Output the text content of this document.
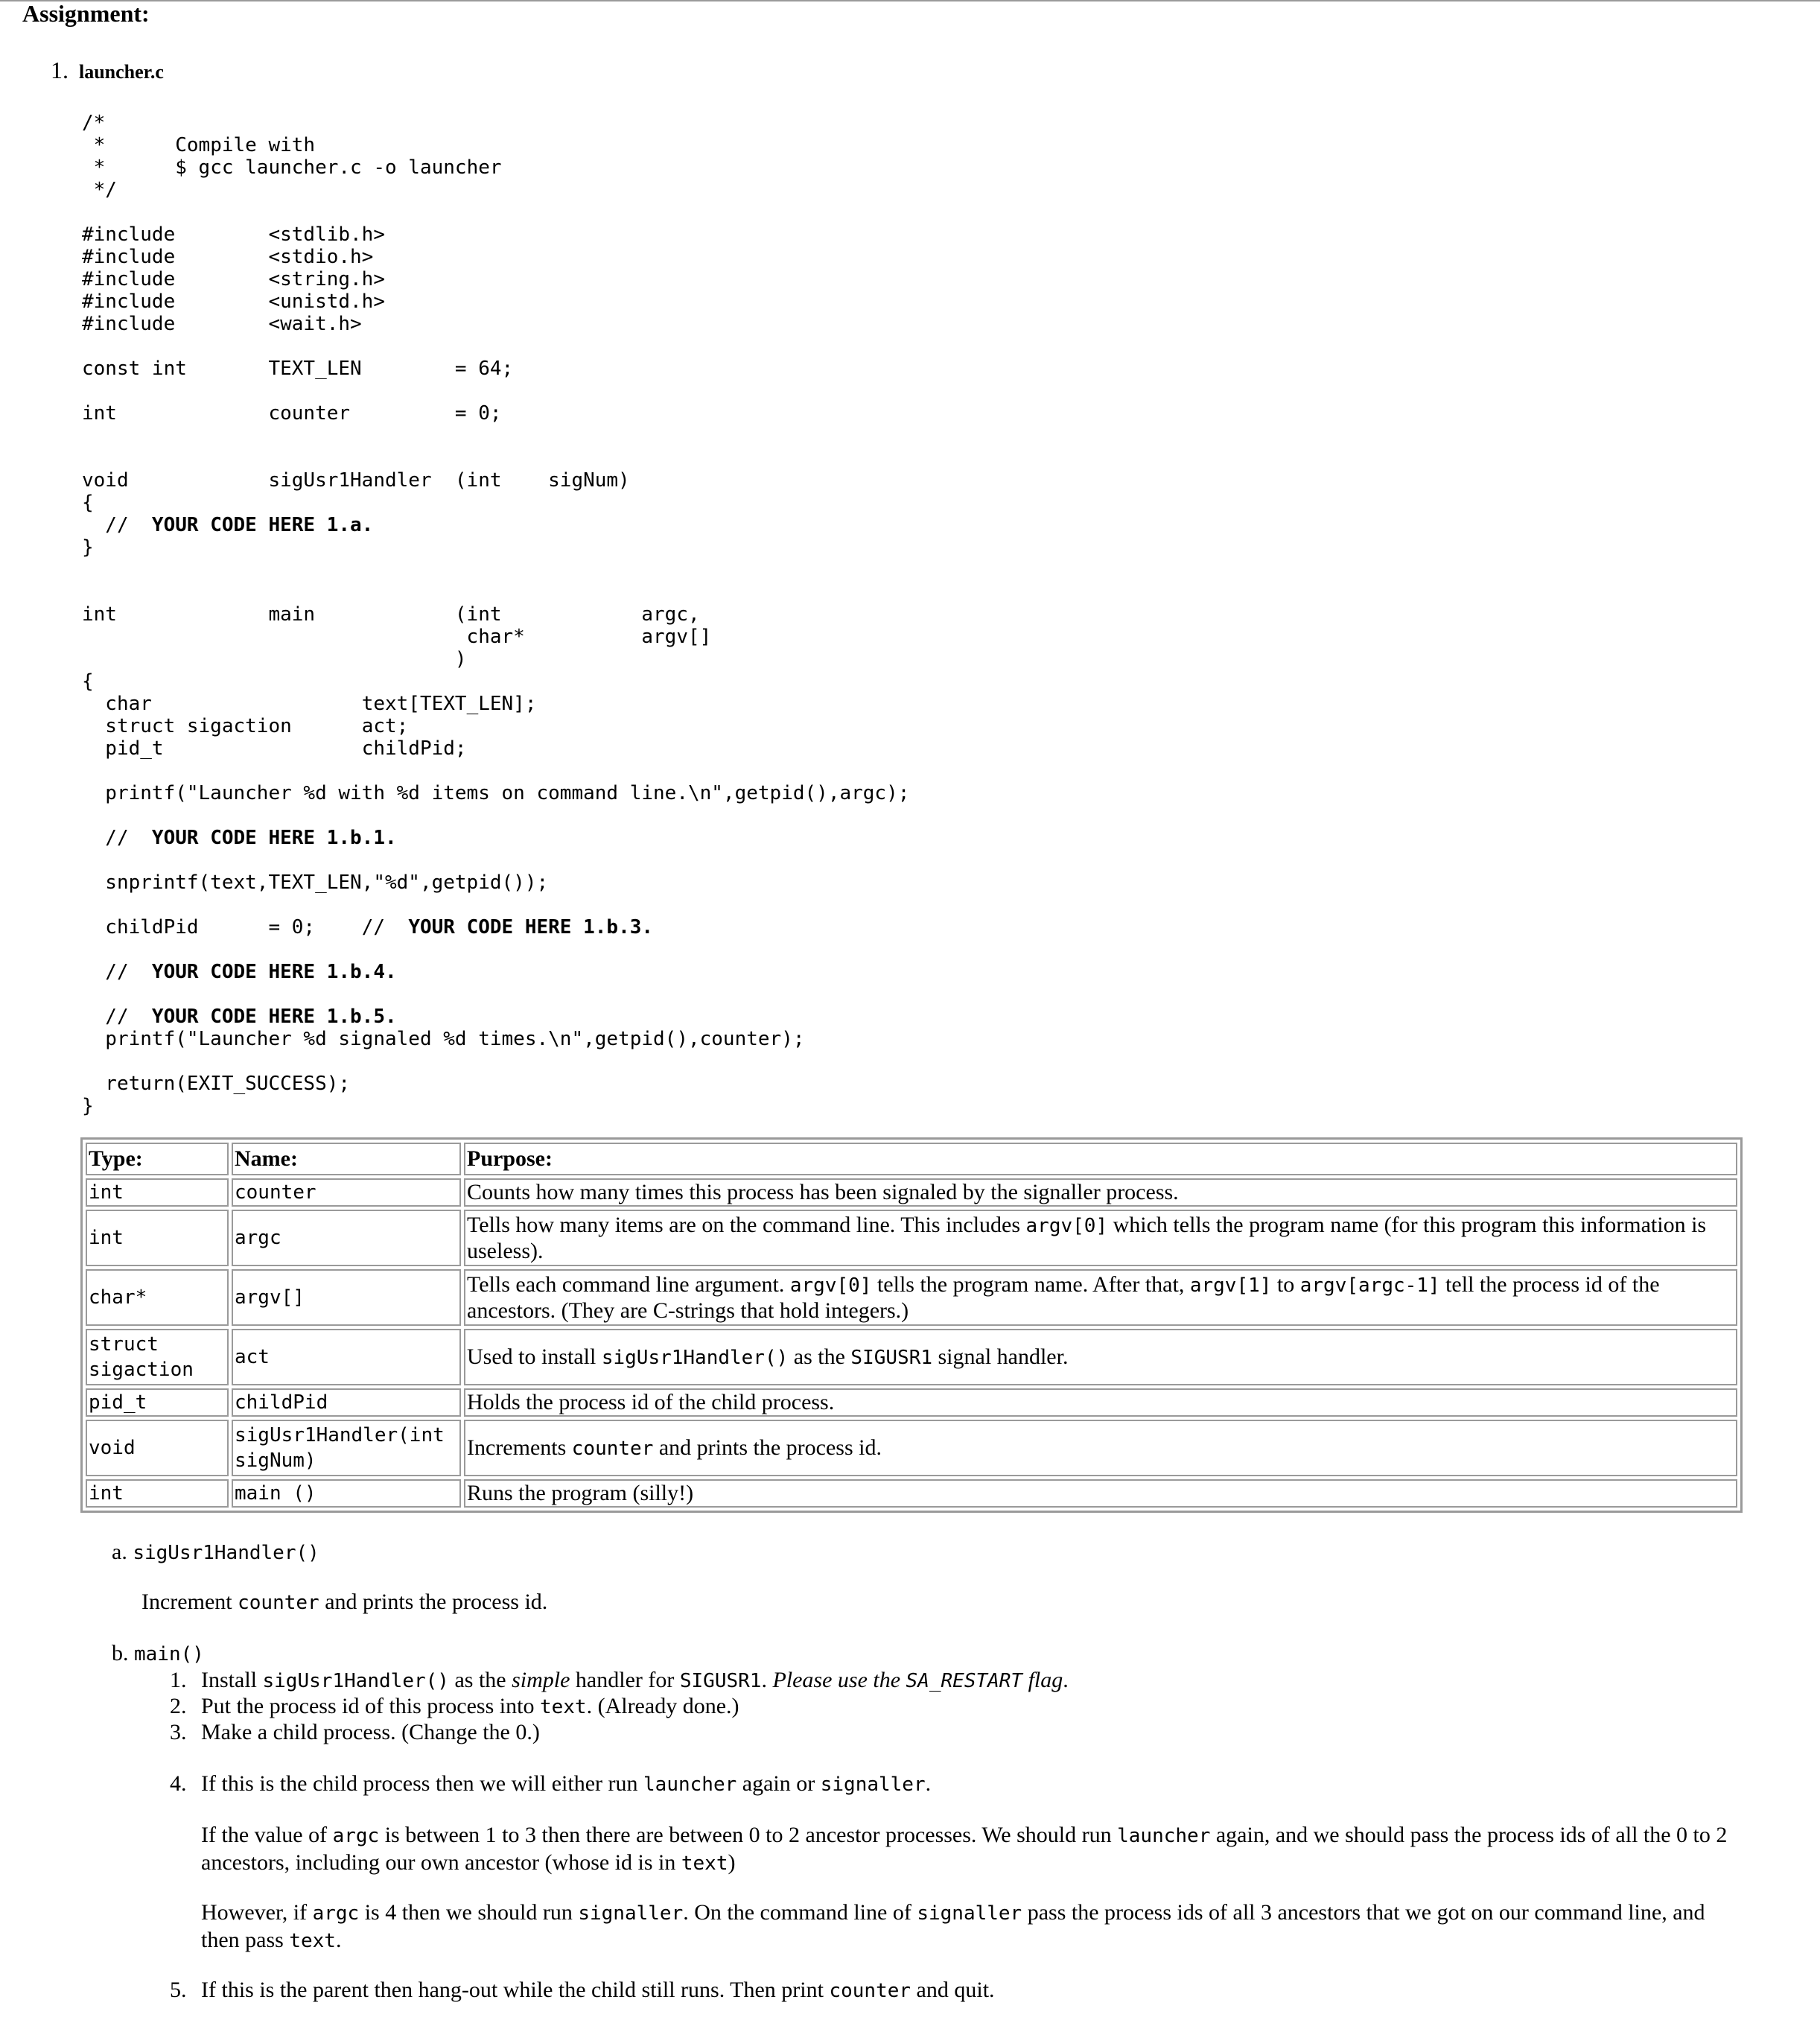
Assignment:
1. launcher.c
/*
*	Compile with
*	$ gcc launcher.c -o launcher
*/

#include	<stdlib.h>
#include	<stdio.h>
#include	<string.h>
#include	<unistd.h>
#include	<wait.h>

const int	TEXT_LEN	= 64;

int		counter		= 0;

void		sigUsr1Handler	(int	sigNum)
{
//  YOUR CODE HERE 1.a.
}

int		main		(int		argc,
				char*		argv[]
				)
{
char			text[TEXT_LEN];
struct sigaction	act;
pid_t			childPid;

printf("Launcher %d with %d items on command line.\n",getpid(),argc);

//  YOUR CODE HERE 1.b.1.

snprintf(text,TEXT_LEN,"%d",getpid());

childPid	= 0;	//  YOUR CODE HERE 1.b.3.

//  YOUR CODE HERE 1.b.4.

//  YOUR CODE HERE 1.b.5.
printf("Launcher %d signaled %d times.\n",getpid(),counter);

return(EXIT_SUCCESS);
}
Type:	Name:	Purpose:
int	counter	Counts how many times this process has been signaled by the signaller process.
int	argc	Tells how many items are on the command line. This includes argv[0] which tells the program name (for this program this information is useless).
char*	argv[]	Tells each command line argument. argv[0] tells the program name. After that, argv[1] to argv[argc-1] tell the process id of the ancestors. (They are C-strings that hold integers.)
struct sigaction	act	Used to install sigUsr1Handler() as the SIGUSR1 signal handler.
pid_t	childPid	Holds the process id of the child process.
void	sigUsr1Handler(int sigNum)	Increments counter and prints the process id.
int	main ()	Runs the program (silly!)
a. sigUsr1Handler()
Increment counter and prints the process id.
b. main()
1. Install sigUsr1Handler() as the simple handler for SIGUSR1. Please use the SA_RESTART flag.
2. Put the process id of this process into text. (Already done.)
3. Make a child process. (Change the 0.)
4. If this is the child process then we will either run launcher again or signaller.
If the value of argc is between 1 to 3 then there are between 0 to 2 ancestor processes. We should run launcher again, and we should pass the process ids of all the 0 to 2 ancestors, including our own ancestor (whose id is in text)
However, if argc is 4 then we should run signaller. On the command line of signaller pass the process ids of all 3 ancestors that we got on our command line, and then pass text.
5. If this is the parent then hang-out while the child still runs. Then print counter and quit.
